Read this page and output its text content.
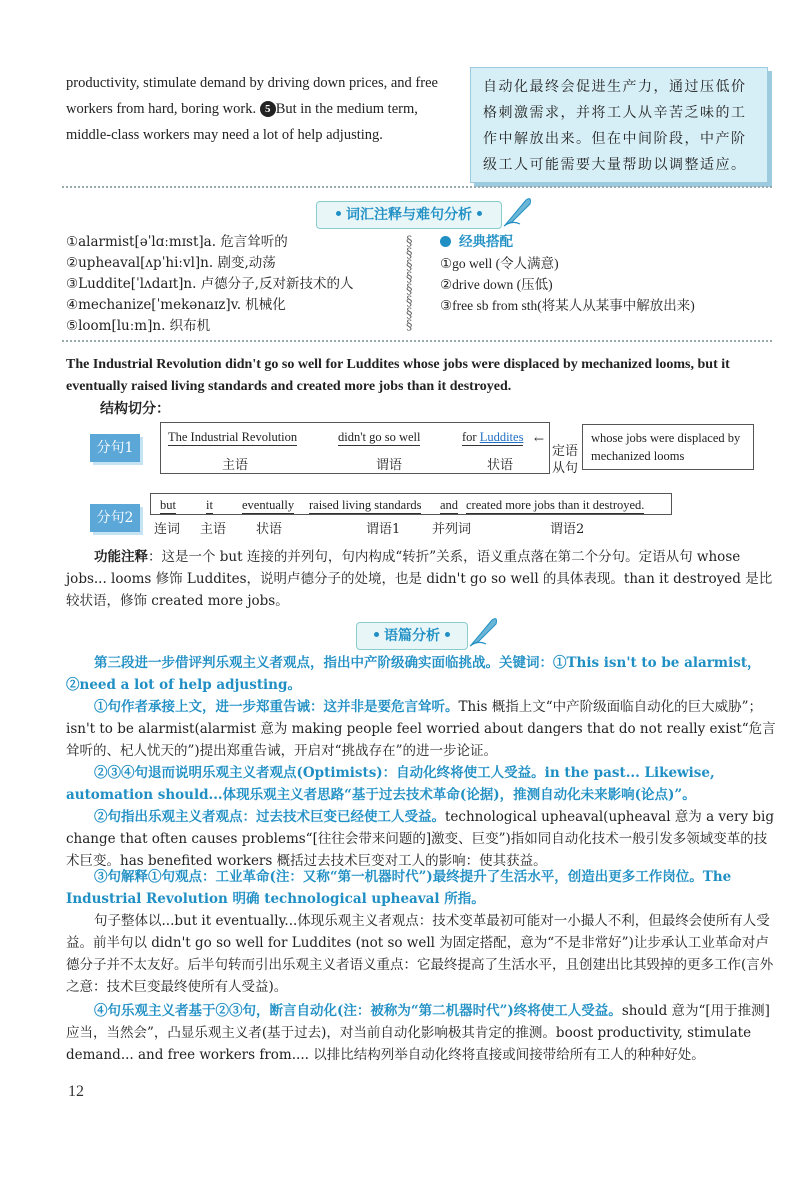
productivity, stimulate demand by driving down prices, and free workers from hard, boring work. 5 But in the medium term, middle-class workers may need a lot of help adjusting.
自动化最终会促进生产力，通过压低价格刺激需求，并将工人从辛苦乏味的工作中解放出来。但在中间阶段，中产阶级工人可能需要大量帮助以调整适应。
词汇注释与难句分析
①alarmist[əˈlɑːmɪst]a. 危言耸听的
②upheaval[ʌpˈhiːvl]n. 剧变,动荡
③Luddite[ˈlʌdaɪt]n. 卢德分子,反对新技术的人
④mechanize[ˈmekənaɪz]v. 机械化
⑤loom[luːm]n. 织布机
§
§
§
§
§
§
§
§
经典搭配
①go well (令人满意)
②drive down (压低)
③free sb from sth(将某人从某事中解放出来)
The Industrial Revolution didn't go so well for Luddites whose jobs were displaced by mechanized looms, but it eventually raised living standards and created more jobs than it destroyed.
结构切分：
分句1
The Industrial Revolution
主语
didn't go so well
谓语
for Luddites ←
状语
定语从句
whose jobs were displaced by mechanized looms
分句2
but
连词
it
主语
eventually
状语
raised living standards
谓语1
and
并列词
created more jobs than it destroyed.
谓语2
功能注释：这是一个 but 连接的并列句，句内构成“转折”关系，语义重点落在第二个分句。定语从句 whose jobs... looms 修饰 Luddites，说明卢德分子的处境，也是 didn't go so well 的具体表现。than it destroyed 是比较状语，修饰 created more jobs。
语篇分析
第三段进一步借评判乐观主义者观点，指出中产阶级确实面临挑战。关键词：①This isn't to be alarmist，②need a lot of help adjusting。
①句作者承接上文，进一步郑重告诫：这并非是要危言耸听。This 概指上文“中产阶级面临自动化的巨大威胁”；isn't to be alarmist(alarmist 意为 making people feel worried about dangers that do not really exist“危言耸听的、杞人忧天的”)提出郑重告诫，开启对“挑战存在”的进一步论证。
②③④句退而说明乐观主义者观点(Optimists)：自动化终将使工人受益。in the past... Likewise, automation should...体现乐观主义者思路“基于过去技术革命(论据)，推测自动化未来影响(论点)”。
②句指出乐观主义者观点：过去技术巨变已经使工人受益。technological upheaval(upheaval 意为 a very big change that often causes problems“[往往会带来问题的]激变、巨变”)指如同自动化技术一般引发多领域变革的技术巨变。has benefited workers 概括过去技术巨变对工人的影响：使其获益。
③句解释①句观点：工业革命(注：又称“第一机器时代”)最终提升了生活水平，创造出更多工作岗位。The Industrial Revolution 明确 technological upheaval 所指。
句子整体以...but it eventually...体现乐观主义者观点：技术变革最初可能对一小撮人不利，但最终会使所有人受益。前半句以 didn't go so well for Luddites (not so well 为固定搭配，意为“不是非常好”)让步承认工业革命对卢德分子并不太友好。后半句转而引出乐观主义者语义重点：它最终提高了生活水平，且创建出比其毁掉的更多工作(言外之意：技术巨变最终使所有人受益)。
④句乐观主义者基于②③句，断言自动化(注：被称为“第二机器时代”)终将使工人受益。should 意为“[用于推测]应当，当然会”，凸显乐观主义者(基于过去)，对当前自动化影响极其肯定的推测。boost productivity, stimulate demand... and free workers from.... 以排比结构列举自动化终将直接或间接带给所有工人的种种好处。
12
